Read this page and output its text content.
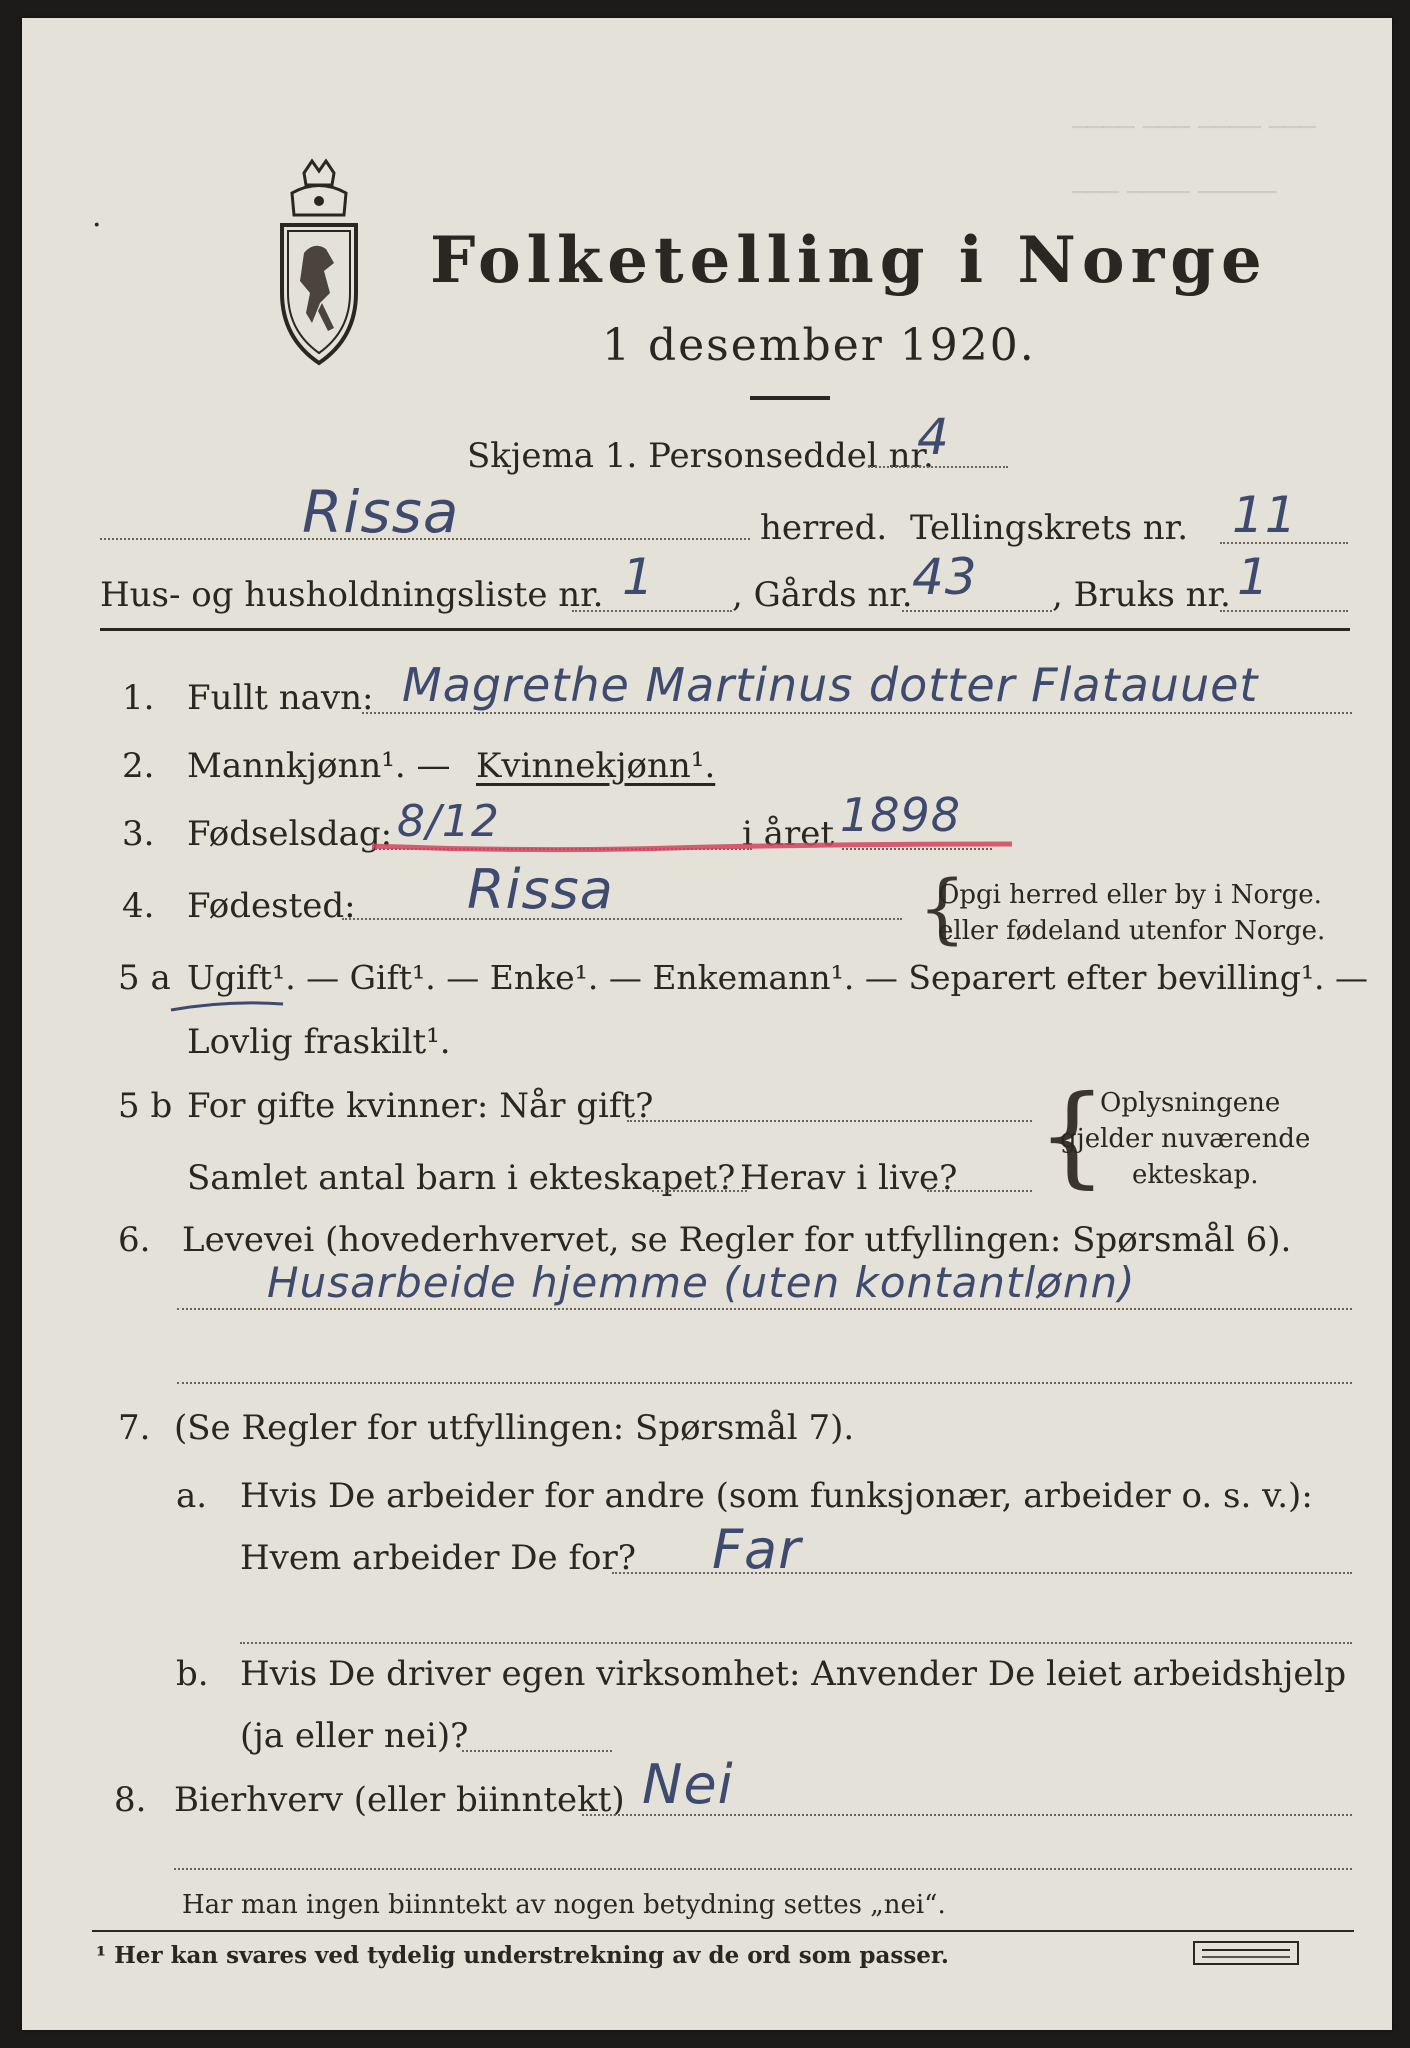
──── ─── ──── ───
─── ──── ─────
·	Folketelling i Norge
1 desember 1920.
Skjema 1. Personseddel nr.
4
Rissa	herred. Tellingskrets nr. 11
Hus- og husholdningsliste nr. 1 , Gårds nr. 43 , Bruks nr. 1
1. Fullt navn: Magrethe Martinus dotter Flatauuet
2. Mannkjønn¹. — Kvinnekjønn¹.
3. Fødselsdag: 8/12	i året 1898
4. Fødested: Rissa	{
Opgi herred eller by i Norge.
eller fødeland utenfor Norge.
5 a Ugift¹. — Gift¹. — Enke¹. — Enkemann¹. — Separert efter bevilling¹. —
Lovlig fraskilt¹.
5 b For gifte kvinner: Når gift?
Samlet antal barn i ekteskapet? Herav i live? {
Oplysningene
gjelder nuværende
ekteskap.
6. Levevei (hovederhvervet, se Regler for utfyllingen: Spørsmål 6).
Husarbeide hjemme (uten kontantlønn)
7. (Se Regler for utfyllingen: Spørsmål 7).
a. Hvis De arbeider for andre (som funksjonær, arbeider o. s. v.):
Hvem arbeider De for? Far
b. Hvis De driver egen virksomhet: Anvender De leiet arbeidshjelp
(ja eller nei)?
8. Bierhverv (eller biinntekt) Nei
Har man ingen biinntekt av nogen betydning settes „nei“.
¹ Her kan svares ved tydelig understrekning av de ord som passer.
